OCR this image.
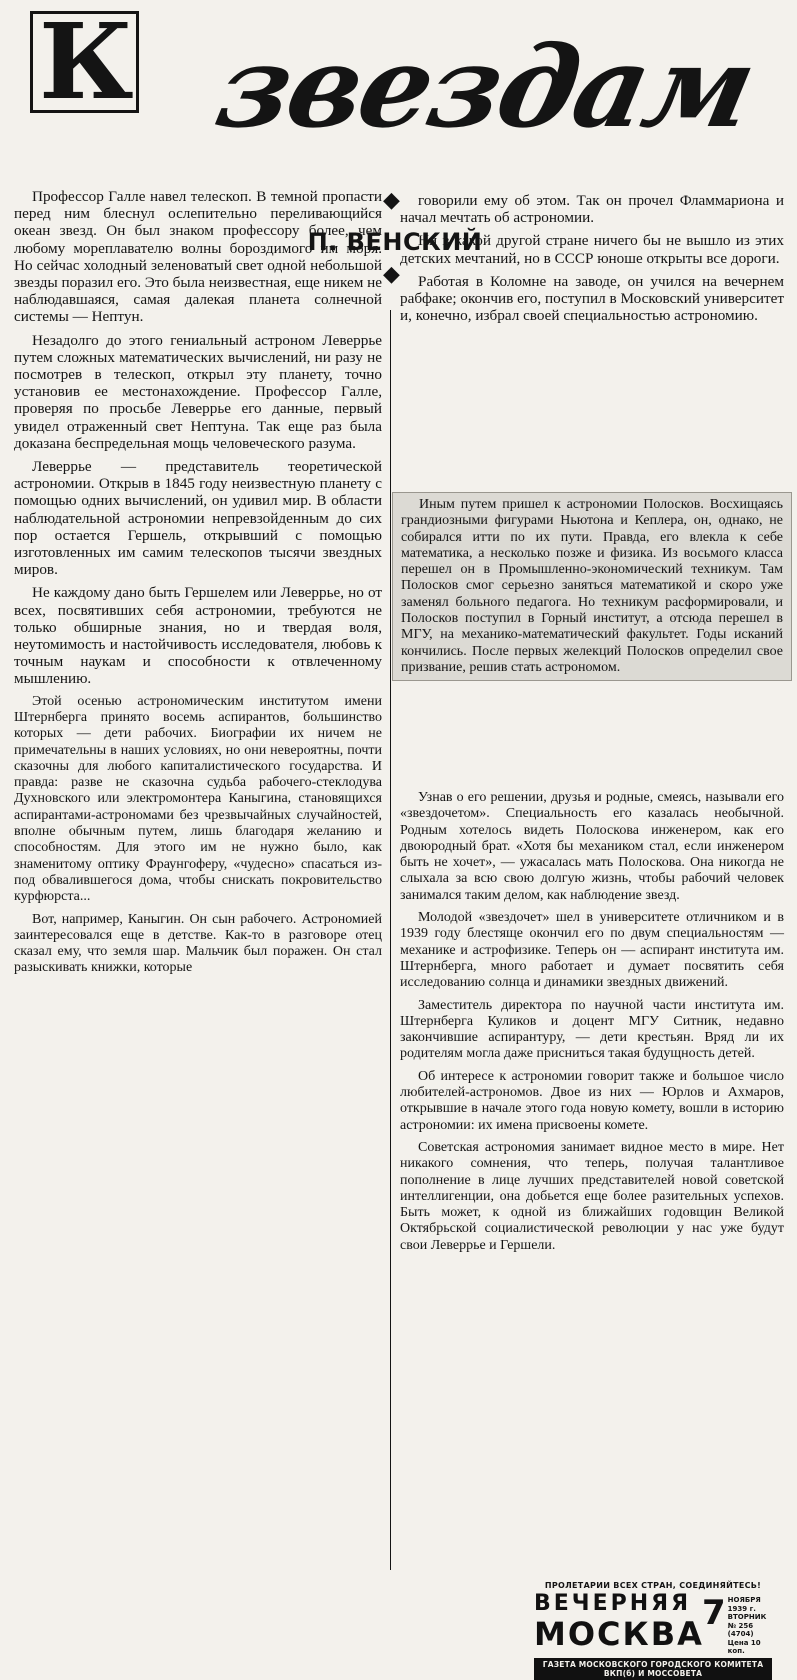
К звездам
◆
П. ВЕНСКИЙ
◆

Профессор Галле навел телескоп. В темной пропасти перед ним блеснул ослепительно переливающийся океан звезд. Он был знаком профессору более, чем любому мореплавателю волны бороздимого им моря. Но сейчас холодный зеленоватый свет одной небольшой звезды поразил его. Это была неизвестная, еще никем не наблюдавшаяся, самая далекая планета солнечной системы — Нептун.

Незадолго до этого гениальный астроном Леверрье путем сложных математических вычислений, ни разу не посмотрев в телескоп, открыл эту планету, точно установив ее местонахождение. Профессор Галле, проверяя по просьбе Леверрье его данные, первый увидел отраженный свет Нептуна. Так еще раз была доказана беспредельная мощь человеческого разума.

Леверрье — представитель теоретической астрономии. Открыв в 1845 году неизвестную планету с помощью одних вычислений, он удивил мир. В области наблюдательной астрономии непревзойденным до сих пор остается Гершель, открывший с помощью изготовленных им самим телескопов тысячи звездных миров.

Не каждому дано быть Гершелем или Леверрье, но от всех, посвятивших себя астрономии, требуются не только обширные знания, но и твердая воля, неутомимость и настойчивость исследователя, любовь к точным наукам и способности к отвлеченному мышлению.

Этой осенью астрономическим институтом имени Штернберга принято восемь аспирантов, большинство которых — дети рабочих. Биографии их ничем не примечательны в наших условиях, но они невероятны, почти сказочны для любого капиталистического государства. И правда: разве не сказочна судьба рабочего-стеклодува Духновского или электромонтера Каныгина, становящихся аспирантами-астрономами без чрезвычайных случайностей, вполне обычным путем, лишь благодаря желанию и способностям. Для этого им не нужно было, как знаменитому оптику Фраунгоферу, «чудесно» спасаться из-под обвалившегося дома, чтобы снискать покровительство курфюрста...

Вот, например, Каныгин. Он сын рабочего. Астрономией заинтересовался еще в детстве. Как-то в разговоре отец сказал ему, что земля шар. Мальчик был поражен. Он стал разыскивать книжки, которые

говорили ему об этом. Так он прочел Фламмариона и начал мечтать об астрономии.

Ни в какой другой стране ничего бы не вышло из этих детских мечтаний, но в СССР юноше открыты все дороги.

Работая в Коломне на заводе, он учился на вечернем рабфаке; окончив его, поступил в Московский университет и, конечно, избрал своей специальностью астрономию.

Иным путем пришел к астрономии Полосков. Восхищаясь грандиозными фигурами Ньютона и Кеплера, он, однако, не собирался итти по их пути. Правда, его влекла к себе математика, а несколько позже и физика. Из восьмого класса перешел он в Промышленно-экономический техникум. Там Полосков смог серьезно заняться математикой и скоро уже заменял больного педагога. Но техникум расформировали, и Полосков поступил в Горный институт, а отсюда перешел в МГУ, на механико-математический факультет. Годы исканий кончились. После первых желекций Полосков определил свое призвание, решив стать астрономом.

Узнав о его решении, друзья и родные, смеясь, называли его «звездочетом». Специальность его казалась необычной. Родным хотелось видеть Полоскова инженером, как его двоюродный брат. «Хотя бы механиком стал, если инженером быть не хочет», — ужасалась мать Полоскова. Она никогда не слыхала за всю свою долгую жизнь, чтобы рабочий человек занимался таким делом, как наблюдение звезд.

Молодой «звездочет» шел в университете отличником и в 1939 году блестяще окончил его по двум специальностям — механике и астрофизике. Теперь он — аспирант института им. Штернберга, много работает и думает посвятить себя исследованию солнца и динамики звездных движений.

Заместитель директора по научной части института им. Штернберга Куликов и доцент МГУ Ситник, недавно закончившие аспирантуру, — дети крестьян. Вряд ли их родителям могла даже присниться такая будущность детей.

Об интересе к астрономии говорит также и большое число любителей-астрономов. Двое из них — Юрлов и Ахмаров, открывшие в начале этого года новую комету, вошли в историю астрономии: их имена присвоены комете.

Советская астрономия занимает видное место в мире. Нет никакого сомнения, что теперь, получая талантливое пополнение в лице лучших представителей новой советской интеллигенции, она добьется еще более разительных успехов. Быть может, к одной из ближайших годовщин Великой Октябрьской социалистической революции у нас уже будут свои Леверрье и Гершели.

ПРОЛЕТАРИИ ВСЕХ СТРАН, СОЕДИНЯЙТЕСЬ!
ВЕЧЕРНЯЯ
МОСКВА
7 НОЯБРЯ 1939 г.
ВТОРНИК
№ 256 (4704)
Цена 10 коп.
ГАЗЕТА МОСКОВСКОГО ГОРОДСКОГО КОМИТЕТА ВКП(б) И МОССОВЕТА
